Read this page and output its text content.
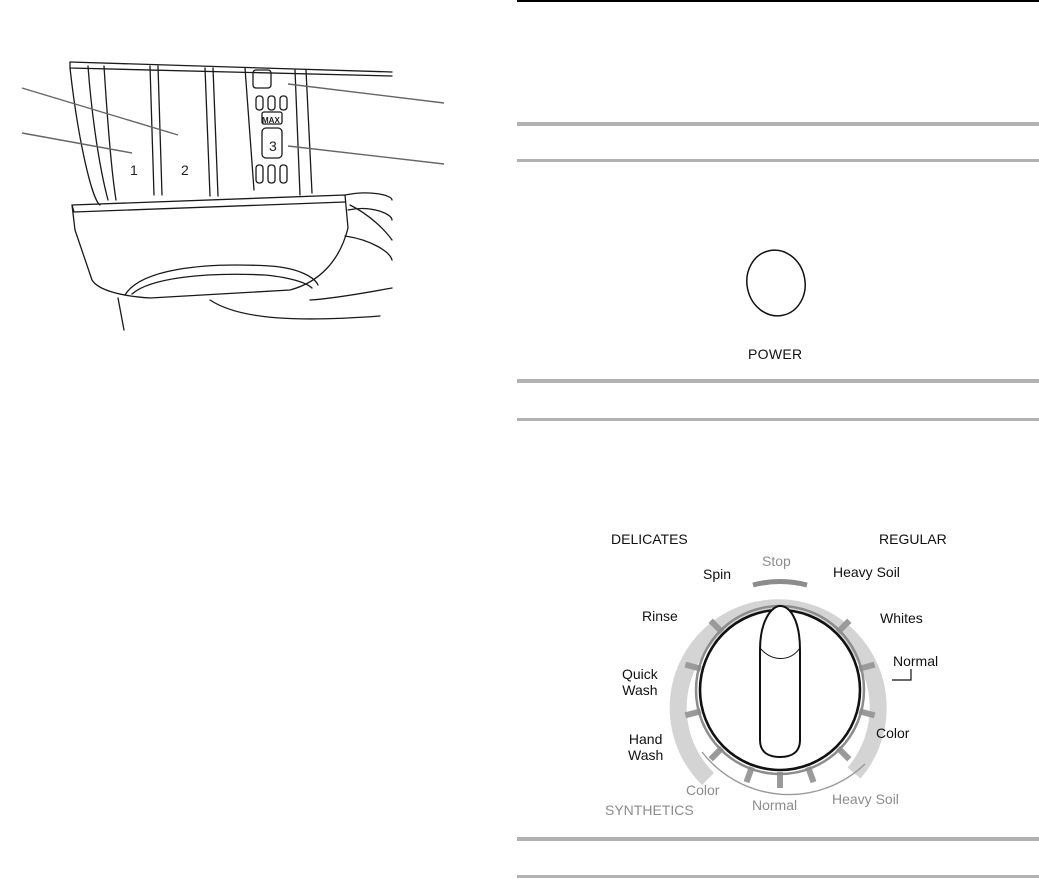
1	2
3
MAX
POWER
DELICATES	REGULAR
Stop
Spin
Rinse
Quick
Wash
Hand
Wash
Heavy Soil
Whites
Normal
Color
Color
Normal Heavy Soil
SYNTHETICS
